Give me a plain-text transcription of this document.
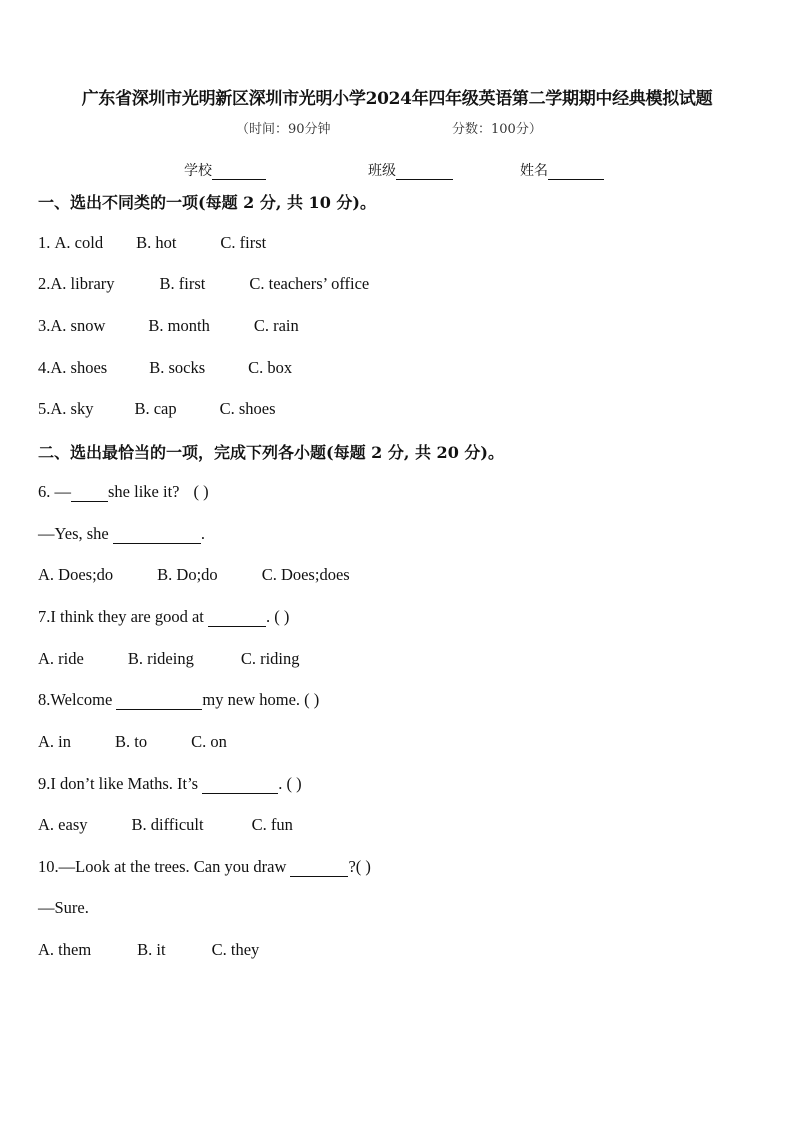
广东省深圳市光明新区深圳市光明小学2024年四年级英语第二学期期中经典模拟试题
（时间：90分钟	分数：100分）
学校	班级	姓名
一、选出不同类的一项(每题 2 分, 共 10 分)。
1. A. cold B. hot	C. first
2.A. library	B. first	C. teachers’ office
3.A. snow	B. month	C. rain
4.A. shoes	B. socks	C. box
5.A. sky B. cap	C. shoes
二、选出最恰当的一项，完成下列各小题(每题 2 分, 共 20 分)。
6. — she like it? ( )
—Yes, she	.
A. Does;do	B. Do;do	C. Does;does
7.I think they are good at	. ( )
A. ride	B. rideing	C. riding
8.Welcome	my new home. ( )
A. in	B. to	C. on
9.I don’t like Maths. It’s	. ( )
A. easy	B. difficult	C. fun
10.—Look at the trees. Can you draw	?( )
—Sure.
A. them	B. it	C. they
